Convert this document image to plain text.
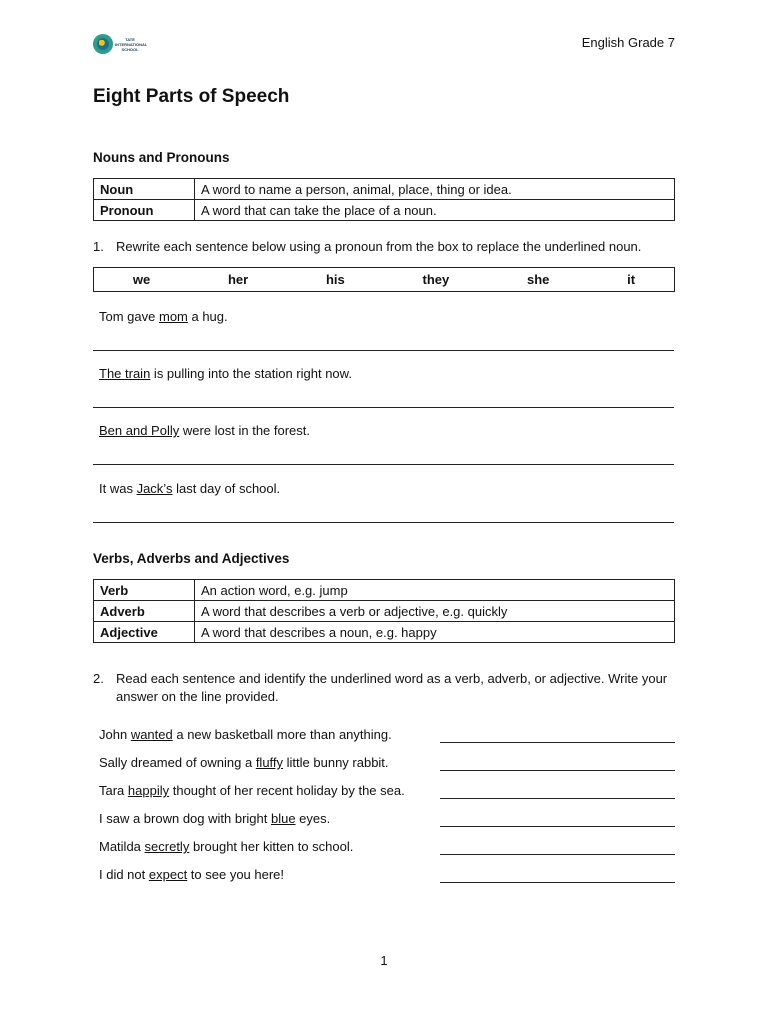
TATE INTERNATIONAL SCHOOL	English Grade 7
Eight Parts of Speech
Nouns and Pronouns
Noun	A word to name a person, animal, place, thing or idea.
Pronoun	A word that can take the place of a noun.
1. Rewrite each sentence below using a pronoun from the box to replace the underlined noun.
we	her	his	they	she	it
Tom gave mom a hug.
The train is pulling into the station right now.
Ben and Polly were lost in the forest.
It was Jack’s last day of school.
Verbs, Adverbs and Adjectives
Verb	An action word, e.g. jump
Adverb	A word that describes a verb or adjective, e.g. quickly
Adjective	A word that describes a noun, e.g. happy
2. Read each sentence and identify the underlined word as a verb, adverb, or adjective. Write your answer on the line provided.
John wanted a new basketball more than anything.
Sally dreamed of owning a fluffy little bunny rabbit.
Tara happily thought of her recent holiday by the sea.
I saw a brown dog with bright blue eyes.
Matilda secretly brought her kitten to school.
I did not expect to see you here!
1
